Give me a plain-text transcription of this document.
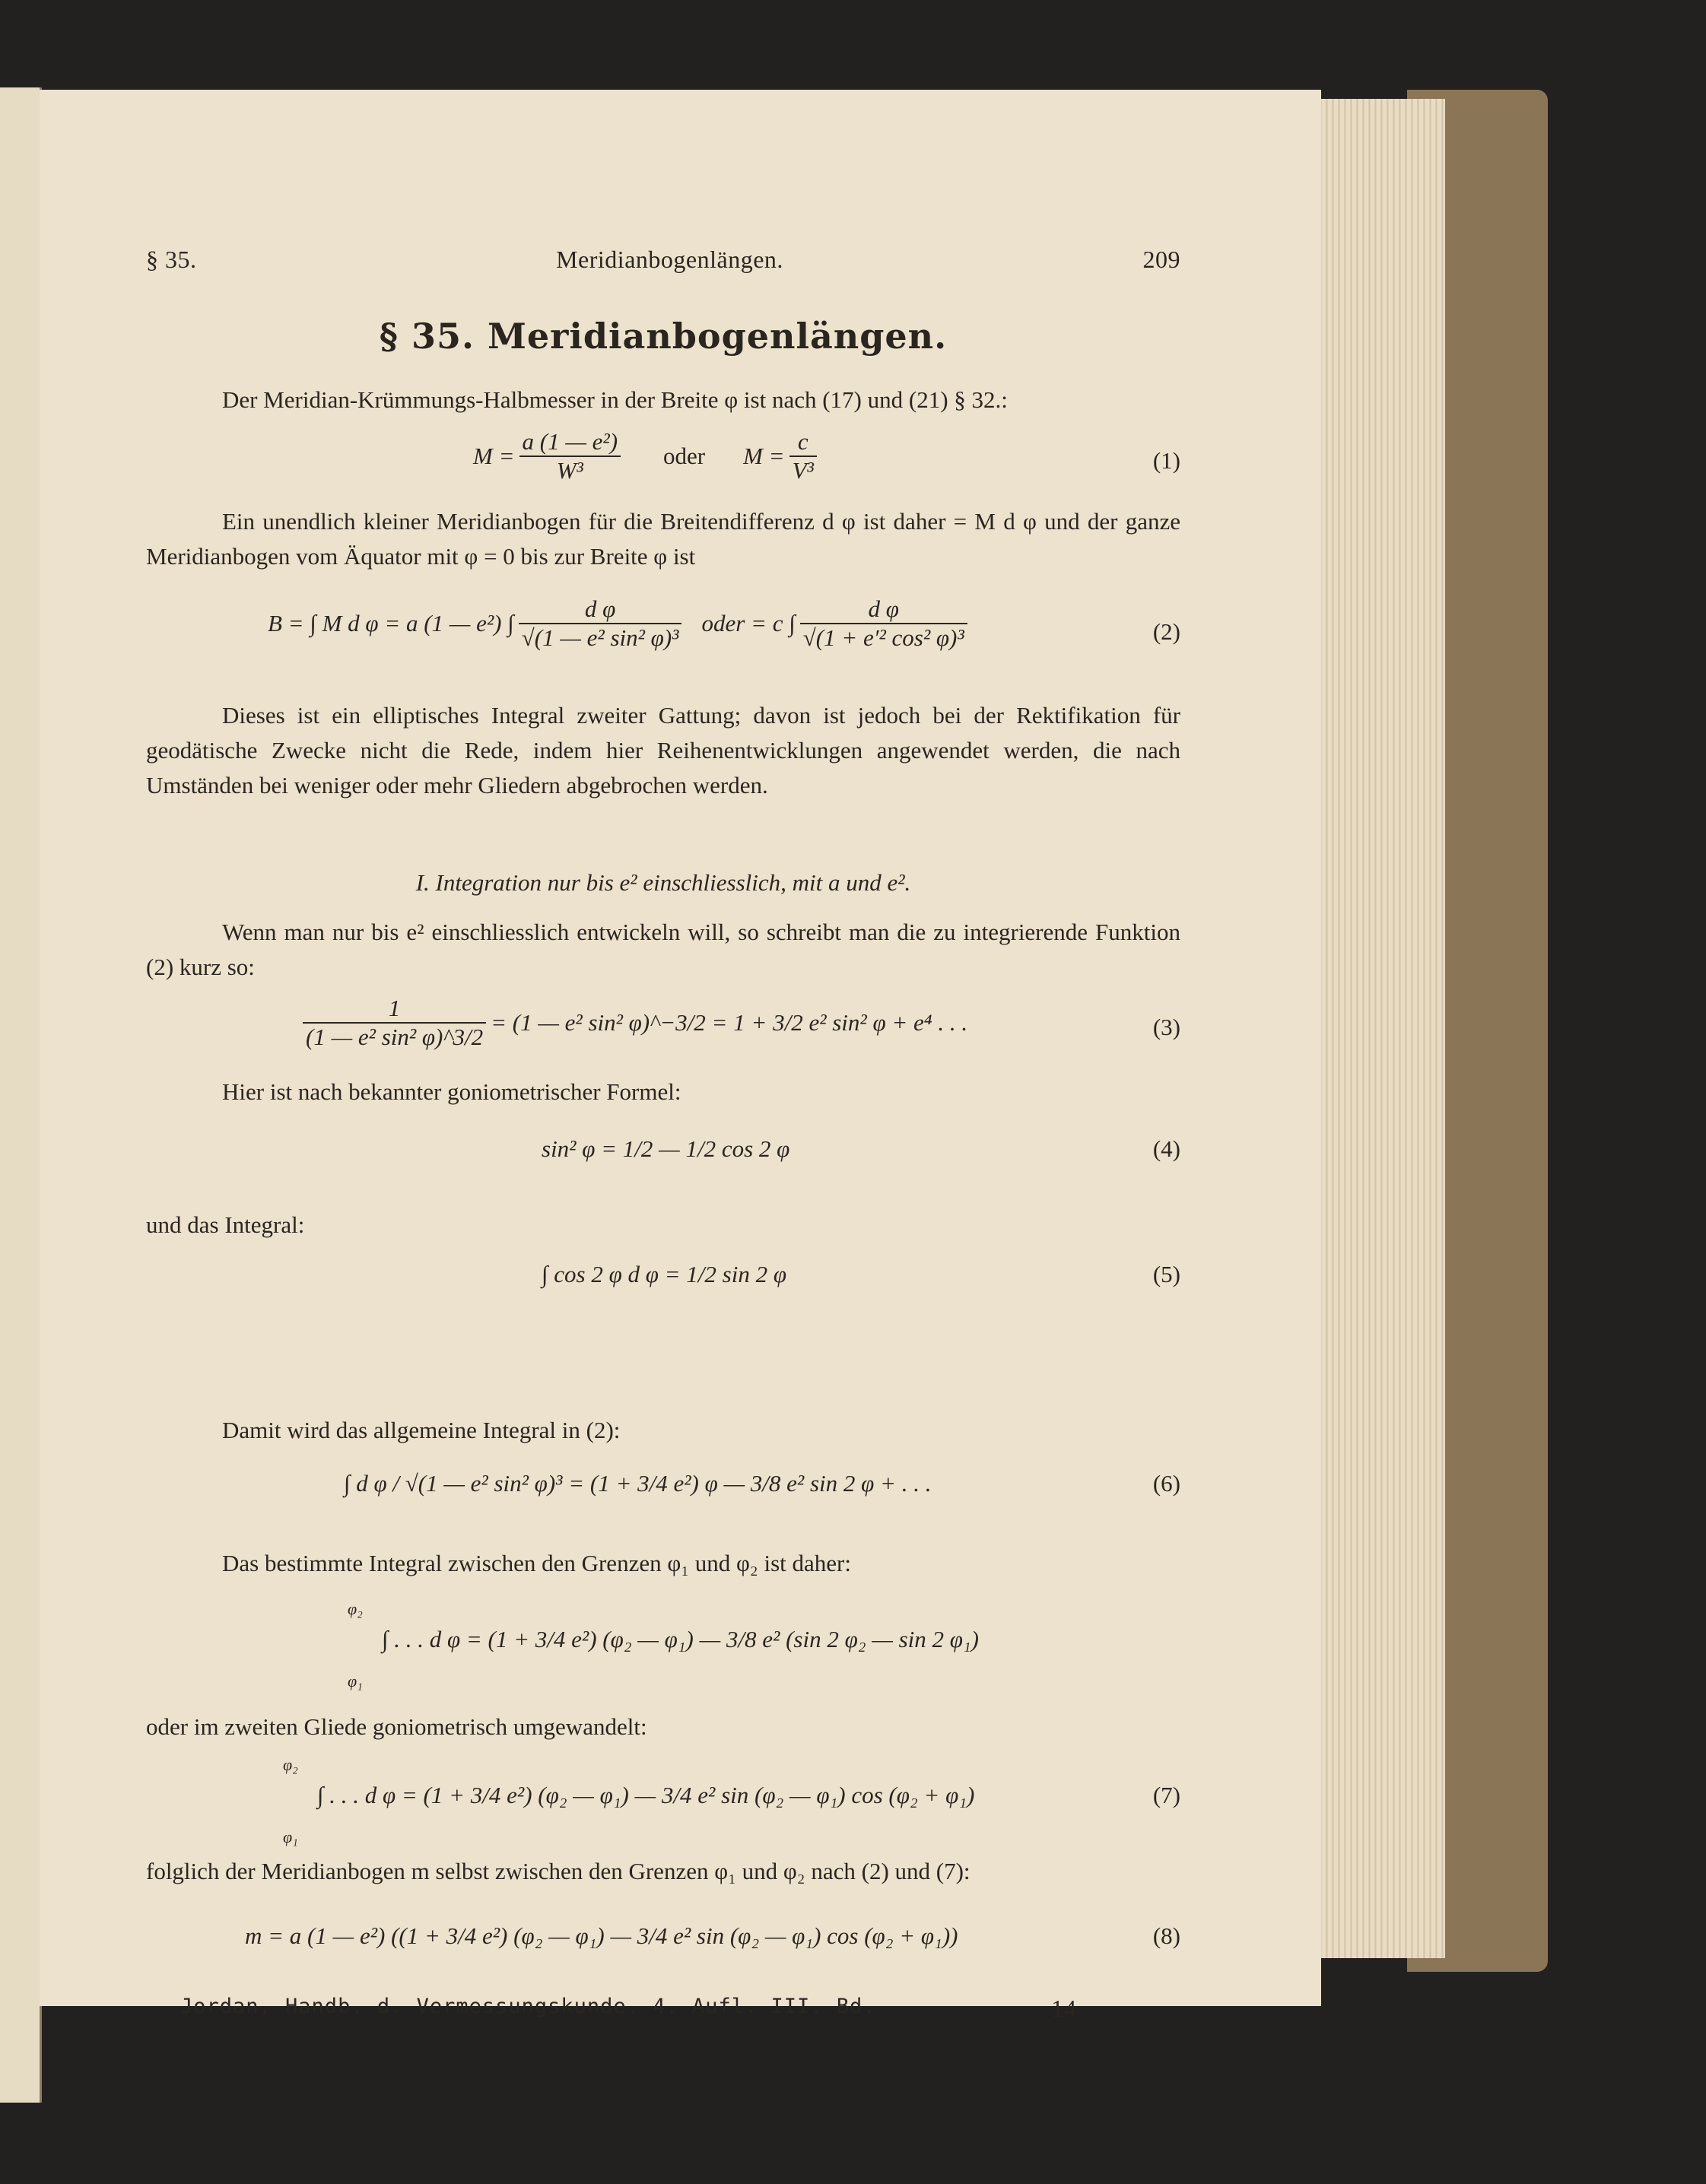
§ 35.	Meridianbogenlängen.	209
§ 35. Meridianbogenlängen.
Der Meridian-Krümmungs-Halbmesser in der Breite φ ist nach (17) und (21) § 32.:
$M = \frac{\text{a (1 — e²)}}{\text{W³}}$ oder $M = \frac{c}{\text{V³}}$	(1)
Ein unendlich kleiner Meridianbogen für die Breitendifferenz d φ ist daher = M d φ und der ganze Meridianbogen vom Äquator mit φ = 0 bis zur Breite φ ist
B = ∫ M d φ = a (1 — e²) ∫ $\frac{\text{d φ}}{\text{√(1 — e² sin² φ)³}}$ oder = c ∫ $\frac{\text{d φ}}{\text{√(1 + e′² cos² φ)³}}$	(2)
Dieses ist ein elliptisches Integral zweiter Gattung; davon ist jedoch bei der Rektifikation für geodätische Zwecke nicht die Rede, indem hier Reihenentwicklungen angewendet werden, die nach Umständen bei weniger oder mehr Gliedern abgebrochen werden.
I. Integration nur bis e² einschliesslich, mit a und e².
Wenn man nur bis e² einschliesslich entwickeln will, so schreibt man die zu integrierende Funktion (2) kurz so:
$\frac{1}{\text{(1 — e² sin² φ)\textasciicircum{}3/2}} = (1$ — e² sin² φ)^−3/2 = 1 + 3/2 e² sin² φ + e⁴ . . .	(3)
Hier ist nach bekannter goniometrischer Formel:
sin² φ = 1/2 — 1/2 cos 2 φ	(4)
und das Integral:
∫ cos 2 φ d φ = 1/2 sin 2 φ	(5)
Damit wird das allgemeine Integral in (2):
∫ d φ / √(1 — e² sin² φ)³ = (1 + 3/4 e²) φ — 3/8 e² sin 2 φ + . . .	(6)
Das bestimmte Integral zwischen den Grenzen φ₁ und φ₂ ist daher:
φ₂
∫ . . . d φ = (1 + 3/4 e²) (φ₂ — φ₁) — 3/8 e² (sin 2 φ₂ — sin 2 φ₁)
φ₁
oder im zweiten Gliede goniometrisch umgewandelt:
φ₂
∫ . . . d φ = (1 + 3/4 e²) (φ₂ — φ₁) — 3/4 e² sin (φ₂ — φ₁) cos (φ₂ + φ₁)
φ₁
(7)
folglich der Meridianbogen m selbst zwischen den Grenzen φ₁ und φ₂ nach (2) und (7):
m = a (1 — e²) ((1 + 3/4 e²) (φ₂ — φ₁) — 3/4 e² sin (φ₂ — φ₁) cos (φ₂ + φ₁))	(8)
Jordan, Handb. d. Vermessungskunde. 4. Aufl. III. Bd.	14
